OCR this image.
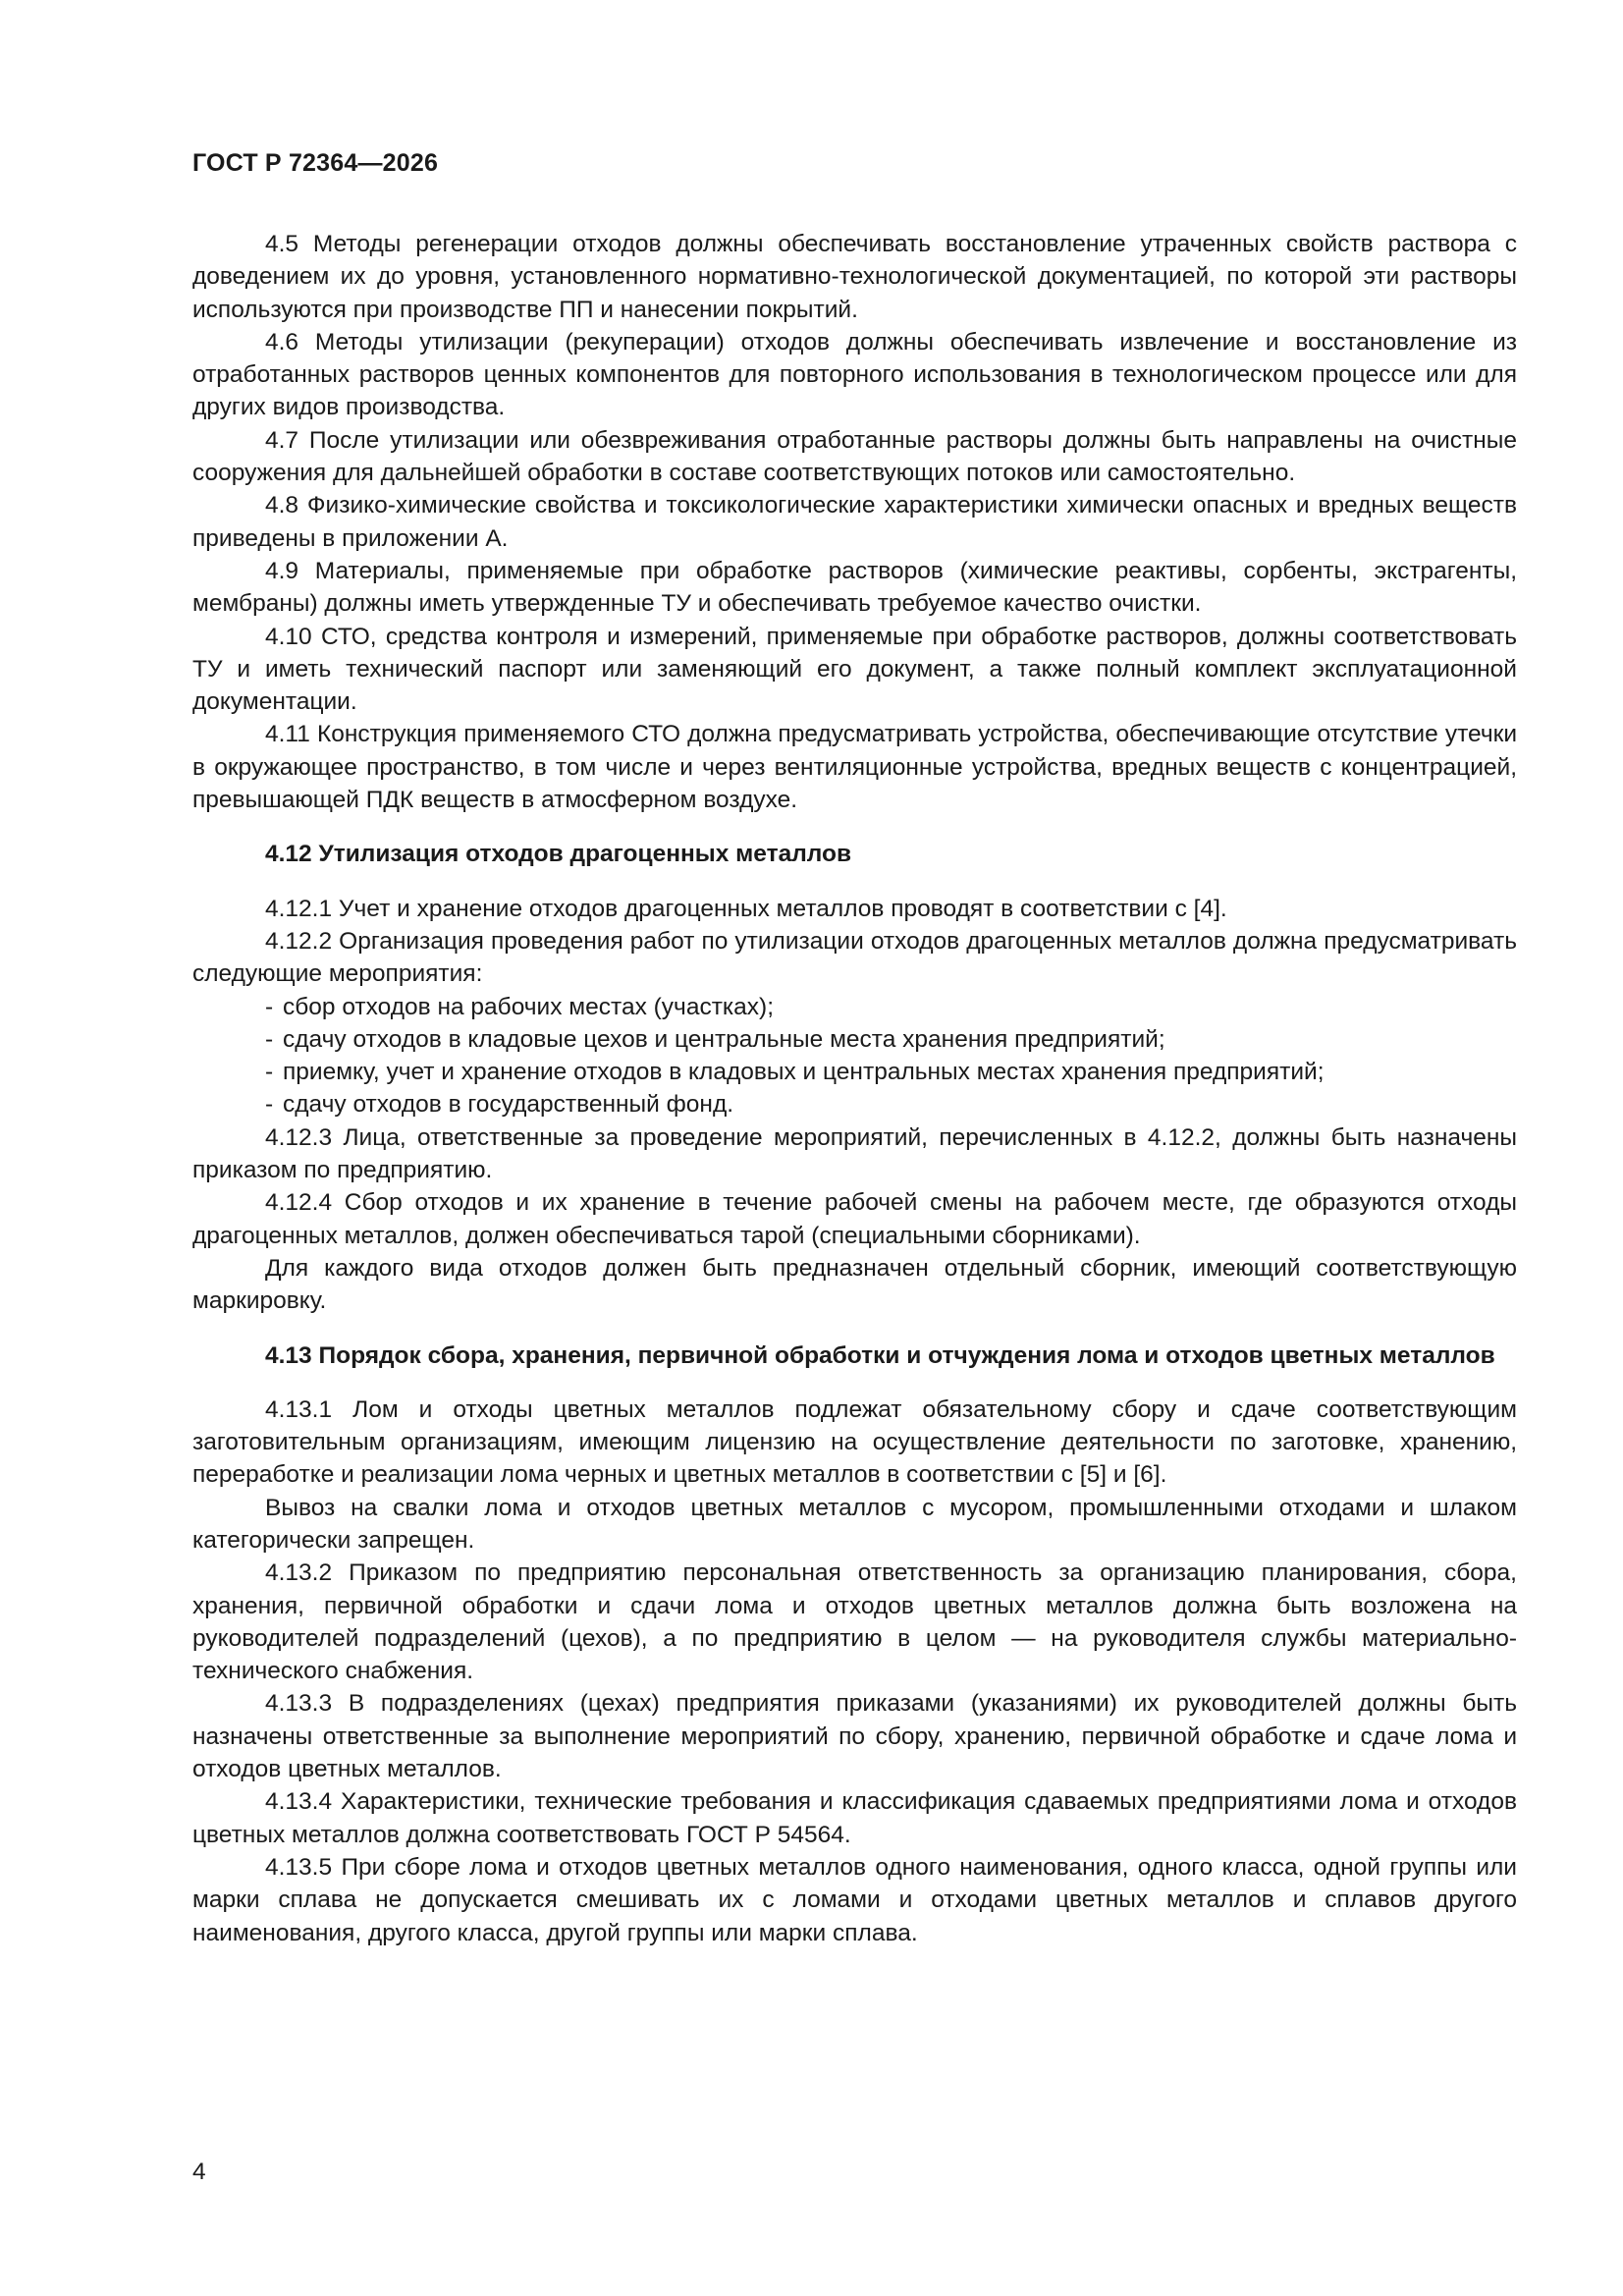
ГОСТ Р 72364—2026

4.5 Методы регенерации отходов должны обеспечивать восстановление утраченных свойств раствора с доведением их до уровня, установленного нормативно-технологической документацией, по которой эти растворы используются при производстве ПП и нанесении покрытий.

4.6 Методы утилизации (рекуперации) отходов должны обеспечивать извлечение и восстановление из отработанных растворов ценных компонентов для повторного использования в технологическом процессе или для других видов производства.

4.7 После утилизации или обезвреживания отработанные растворы должны быть направлены на очистные сооружения для дальнейшей обработки в составе соответствующих потоков или самостоятельно.

4.8 Физико-химические свойства и токсикологические характеристики химически опасных и вредных веществ приведены в приложении А.

4.9 Материалы, применяемые при обработке растворов (химические реактивы, сорбенты, экстрагенты, мембраны) должны иметь утвержденные ТУ и обеспечивать требуемое качество очистки.

4.10 СТО, средства контроля и измерений, применяемые при обработке растворов, должны соответствовать ТУ и иметь технический паспорт или заменяющий его документ, а также полный комплект эксплуатационной документации.

4.11 Конструкция применяемого СТО должна предусматривать устройства, обеспечивающие отсутствие утечки в окружающее пространство, в том числе и через вентиляционные устройства, вредных веществ с концентрацией, превышающей ПДК веществ в атмосферном воздухе.

4.12 Утилизация отходов драгоценных металлов

4.12.1 Учет и хранение отходов драгоценных металлов проводят в соответствии с [4].

4.12.2 Организация проведения работ по утилизации отходов драгоценных металлов должна предусматривать следующие мероприятия:

- сбор отходов на рабочих местах (участках);
- сдачу отходов в кладовые цехов и центральные места хранения предприятий;
- приемку, учет и хранение отходов в кладовых и центральных местах хранения предприятий;
- сдачу отходов в государственный фонд.

4.12.3 Лица, ответственные за проведение мероприятий, перечисленных в 4.12.2, должны быть назначены приказом по предприятию.

4.12.4 Сбор отходов и их хранение в течение рабочей смены на рабочем месте, где образуются отходы драгоценных металлов, должен обеспечиваться тарой (специальными сборниками).

Для каждого вида отходов должен быть предназначен отдельный сборник, имеющий соответствующую маркировку.

4.13 Порядок сбора, хранения, первичной обработки и отчуждения лома и отходов цветных металлов

4.13.1 Лом и отходы цветных металлов подлежат обязательному сбору и сдаче соответствующим заготовительным организациям, имеющим лицензию на осуществление деятельности по заготовке, хранению, переработке и реализации лома черных и цветных металлов в соответствии с [5] и [6].

Вывоз на свалки лома и отходов цветных металлов с мусором, промышленными отходами и шлаком категорически запрещен.

4.13.2 Приказом по предприятию персональная ответственность за организацию планирования, сбора, хранения, первичной обработки и сдачи лома и отходов цветных металлов должна быть возложена на руководителей подразделений (цехов), а по предприятию в целом — на руководителя службы материально-технического снабжения.

4.13.3 В подразделениях (цехах) предприятия приказами (указаниями) их руководителей должны быть назначены ответственные за выполнение мероприятий по сбору, хранению, первичной обработке и сдаче лома и отходов цветных металлов.

4.13.4 Характеристики, технические требования и классификация сдаваемых предприятиями лома и отходов цветных металлов должна соответствовать ГОСТ Р 54564.

4.13.5 При сборе лома и отходов цветных металлов одного наименования, одного класса, одной группы или марки сплава не допускается смешивать их с ломами и отходами цветных металлов и сплавов другого наименования, другого класса, другой группы или марки сплава.

4
